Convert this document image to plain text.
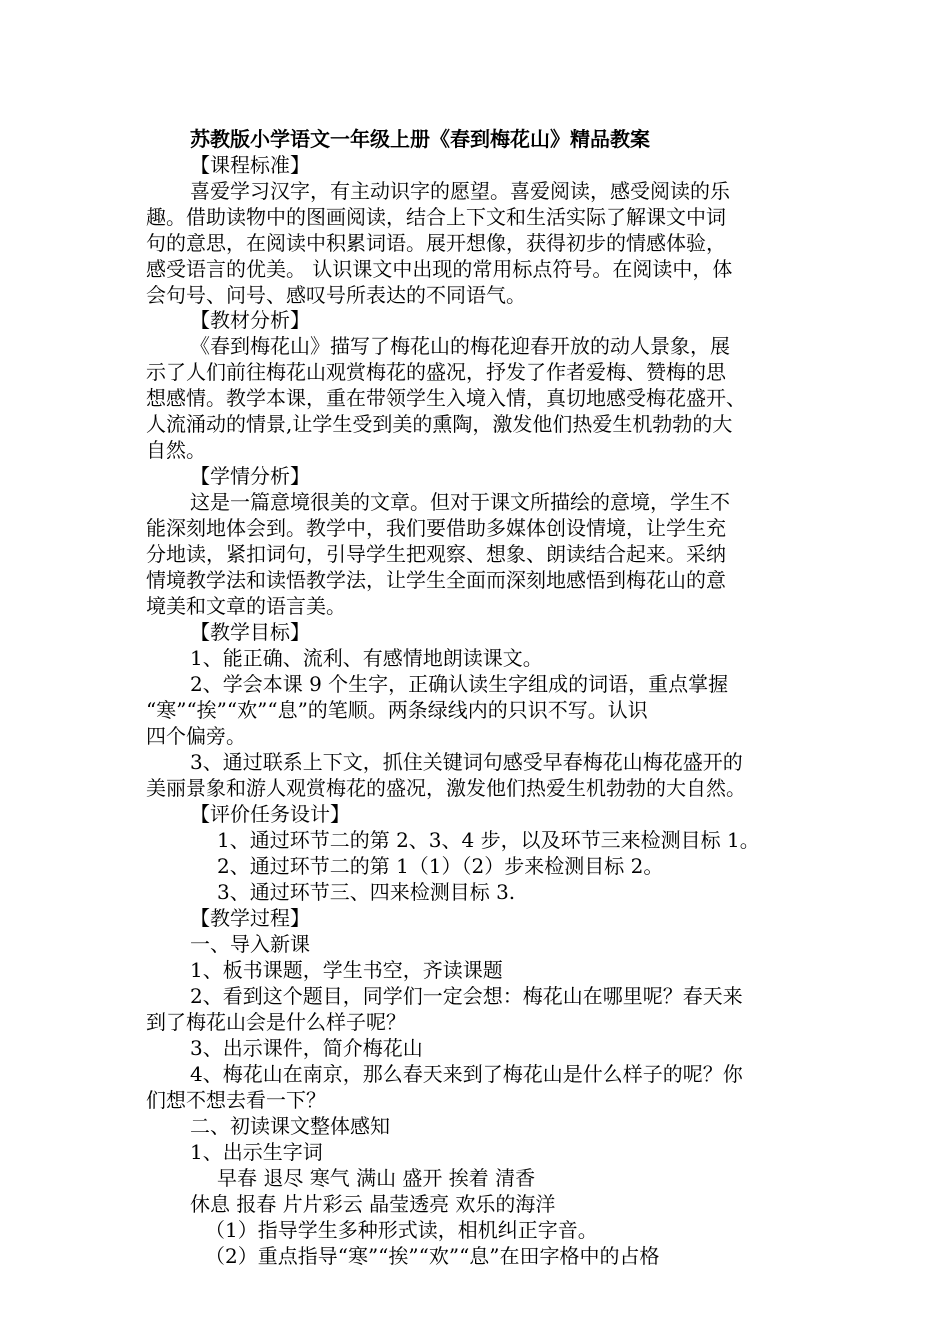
苏教版小学语文一年级上册《春到梅花山》精品教案
【课程标准】
喜爱学习汉字，有主动识字的愿望。喜爱阅读，感受阅读的乐
趣。借助读物中的图画阅读，结合上下文和生活实际了解课文中词
句的意思，在阅读中积累词语。展开想像，获得初步的情感体验，
感受语言的优美。 认识课文中出现的常用标点符号。在阅读中，体
会句号、问号、感叹号所表达的不同语气。
【教材分析】
《春到梅花山》描写了梅花山的梅花迎春开放的动人景象，展
示了人们前往梅花山观赏梅花的盛况，抒发了作者爱梅、赞梅的思
想感情。教学本课，重在带领学生入境入情，真切地感受梅花盛开、
人流涌动的情景,让学生受到美的熏陶，激发他们热爱生机勃勃的大
自然。
【学情分析】
这是一篇意境很美的文章。但对于课文所描绘的意境，学生不
能深刻地体会到。教学中，我们要借助多媒体创设情境，让学生充
分地读，紧扣词句，引导学生把观察、想象、朗读结合起来。采纳
情境教学法和读悟教学法，让学生全面而深刻地感悟到梅花山的意
境美和文章的语言美。
【教学目标】
1、能正确、流利、有感情地朗读课文。
2、学会本课 9 个生字，正确认读生字组成的词语，重点掌握
“寒”“挨”“欢”“息”的笔顺。两条绿线内的只识不写。认识
四个偏旁。
3、通过联系上下文，抓住关键词句感受早春梅花山梅花盛开的
美丽景象和游人观赏梅花的盛况，激发他们热爱生机勃勃的大自然。
【评价任务设计】
1、通过环节二的第 2、3、4 步，以及环节三来检测目标 1。
2、通过环节二的第 1（1）（2）步来检测目标 2。
3、通过环节三、四来检测目标 3.
【教学过程】
一、导入新课
1、板书课题，学生书空，齐读课题
2、看到这个题目，同学们一定会想：梅花山在哪里呢？春天来
到了梅花山会是什么样子呢？
3、出示课件，简介梅花山
4、梅花山在南京，那么春天来到了梅花山是什么样子的呢？你
们想不想去看一下？
二、初读课文整体感知
1、出示生字词
早春 退尽 寒气 满山 盛开 挨着 清香
休息 报春 片片彩云 晶莹透亮 欢乐的海洋
（1）指导学生多种形式读，相机纠正字音。
（2）重点指导“寒”“挨”“欢”“息”在田字格中的占格
